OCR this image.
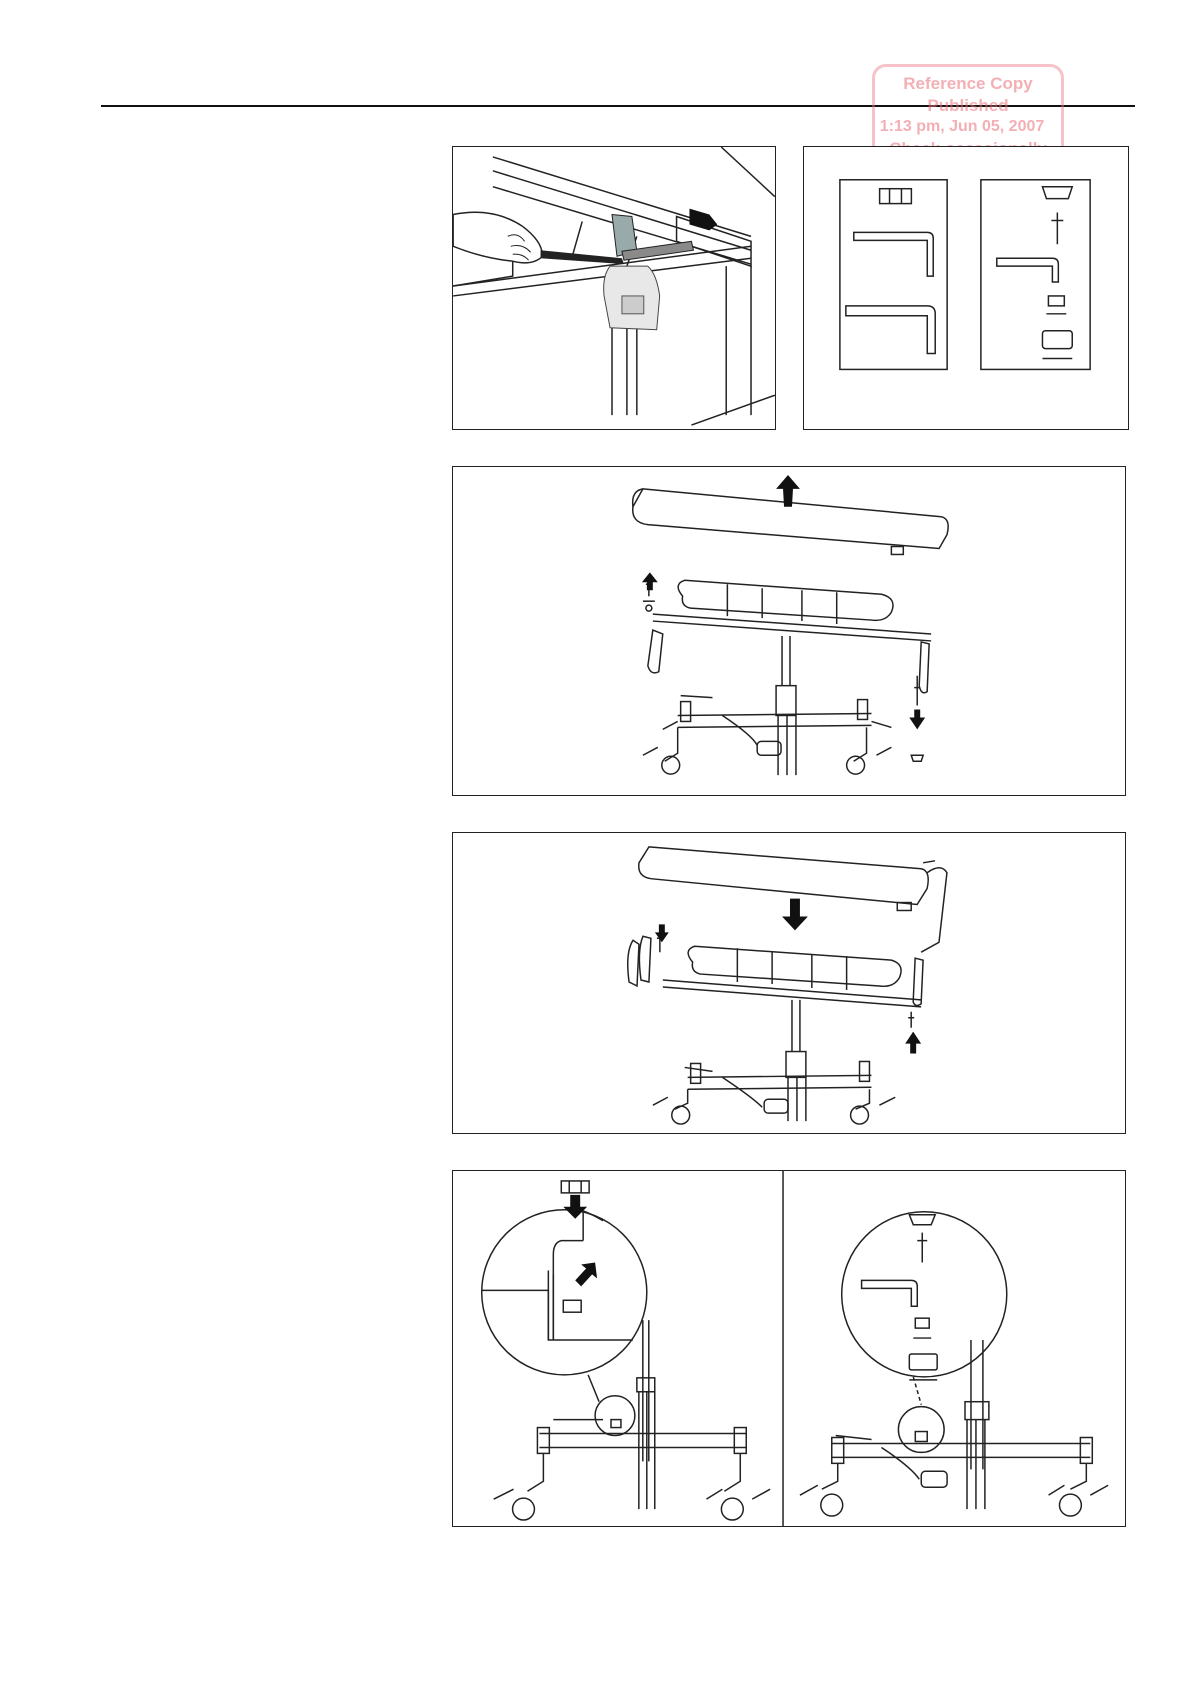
Reference Copy
Published
1:13 pm, Jun 05, 2007
